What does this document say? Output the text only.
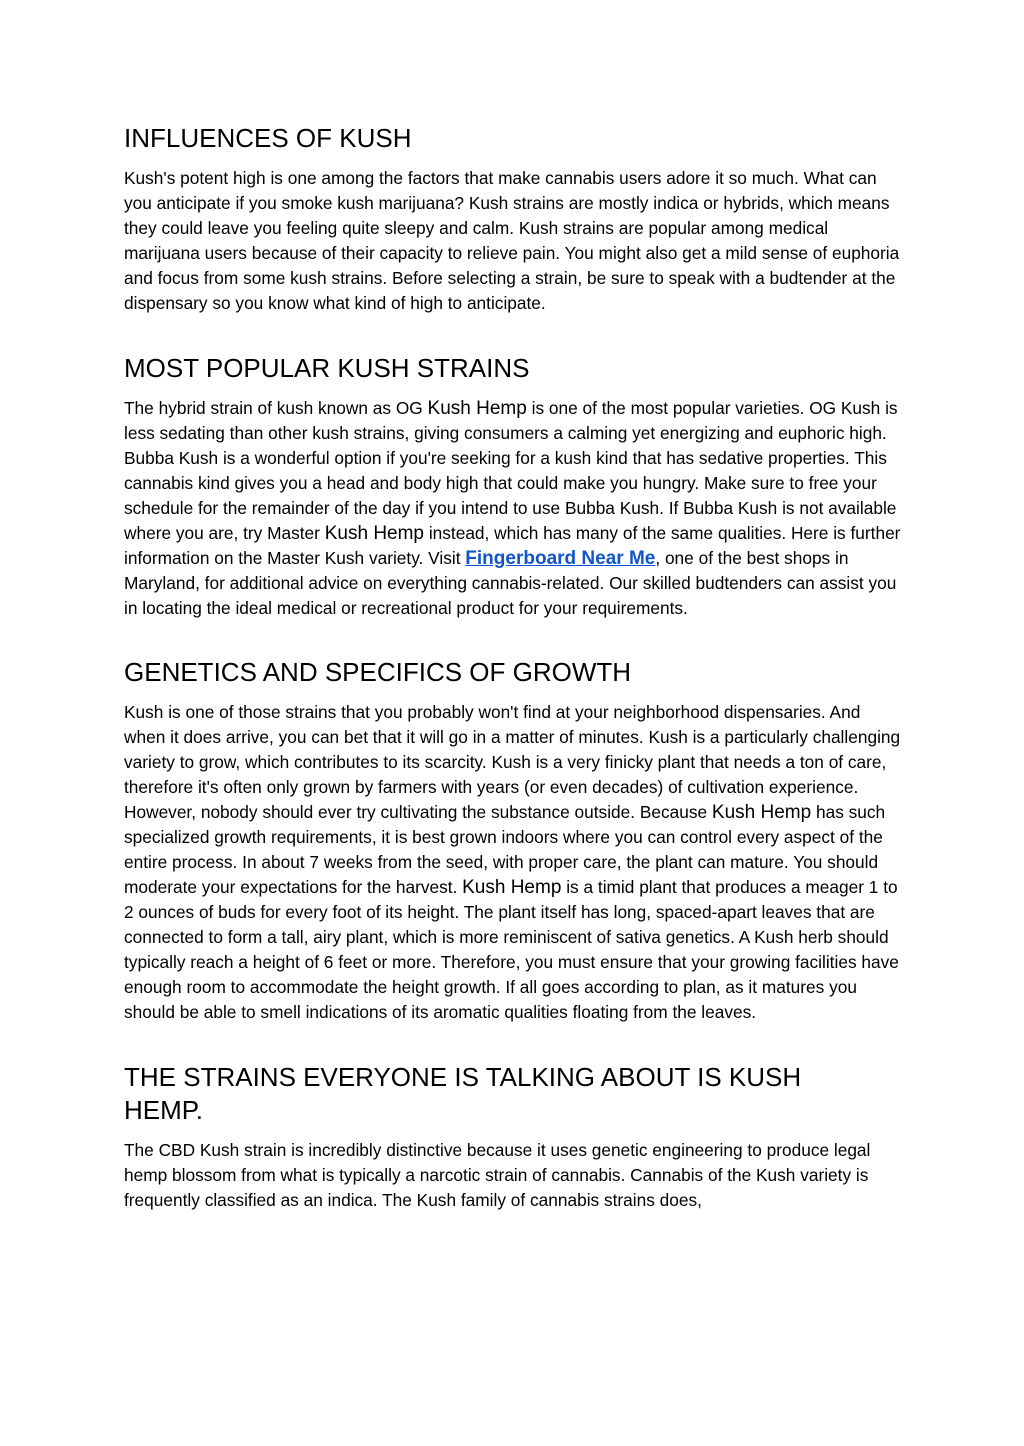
INFLUENCES OF KUSH

Kush's potent high is one among the factors that make cannabis users adore it so much. What can you anticipate if you smoke kush marijuana? Kush strains are mostly indica or hybrids, which means they could leave you feeling quite sleepy and calm. Kush strains are popular among medical marijuana users because of their capacity to relieve pain. You might also get a mild sense of euphoria and focus from some kush strains. Before selecting a strain, be sure to speak with a budtender at the dispensary so you know what kind of high to anticipate.

MOST POPULAR KUSH STRAINS

The hybrid strain of kush known as OG Kush Hemp is one of the most popular varieties. OG Kush is less sedating than other kush strains, giving consumers a calming yet energizing and euphoric high. Bubba Kush is a wonderful option if you're seeking for a kush kind that has sedative properties. This cannabis kind gives you a head and body high that could make you hungry. Make sure to free your schedule for the remainder of the day if you intend to use Bubba Kush. If Bubba Kush is not available where you are, try Master Kush Hemp instead, which has many of the same qualities. Here is further information on the Master Kush variety. Visit Fingerboard Near Me, one of the best shops in Maryland, for additional advice on everything cannabis-related. Our skilled budtenders can assist you in locating the ideal medical or recreational product for your requirements.

GENETICS AND SPECIFICS OF GROWTH

Kush is one of those strains that you probably won't find at your neighborhood dispensaries. And when it does arrive, you can bet that it will go in a matter of minutes. Kush is a particularly challenging variety to grow, which contributes to its scarcity. Kush is a very finicky plant that needs a ton of care, therefore it's often only grown by farmers with years (or even decades) of cultivation experience. However, nobody should ever try cultivating the substance outside. Because Kush Hemp has such specialized growth requirements, it is best grown indoors where you can control every aspect of the entire process. In about 7 weeks from the seed, with proper care, the plant can mature. You should moderate your expectations for the harvest. Kush Hemp is a timid plant that produces a meager 1 to 2 ounces of buds for every foot of its height. The plant itself has long, spaced-apart leaves that are connected to form a tall, airy plant, which is more reminiscent of sativa genetics. A Kush herb should typically reach a height of 6 feet or more. Therefore, you must ensure that your growing facilities have enough room to accommodate the height growth. If all goes according to plan, as it matures you should be able to smell indications of its aromatic qualities floating from the leaves.

THE STRAINS EVERYONE IS TALKING ABOUT IS KUSH HEMP.

The CBD Kush strain is incredibly distinctive because it uses genetic engineering to produce legal hemp blossom from what is typically a narcotic strain of cannabis. Cannabis of the Kush variety is frequently classified as an indica. The Kush family of cannabis strains does,
